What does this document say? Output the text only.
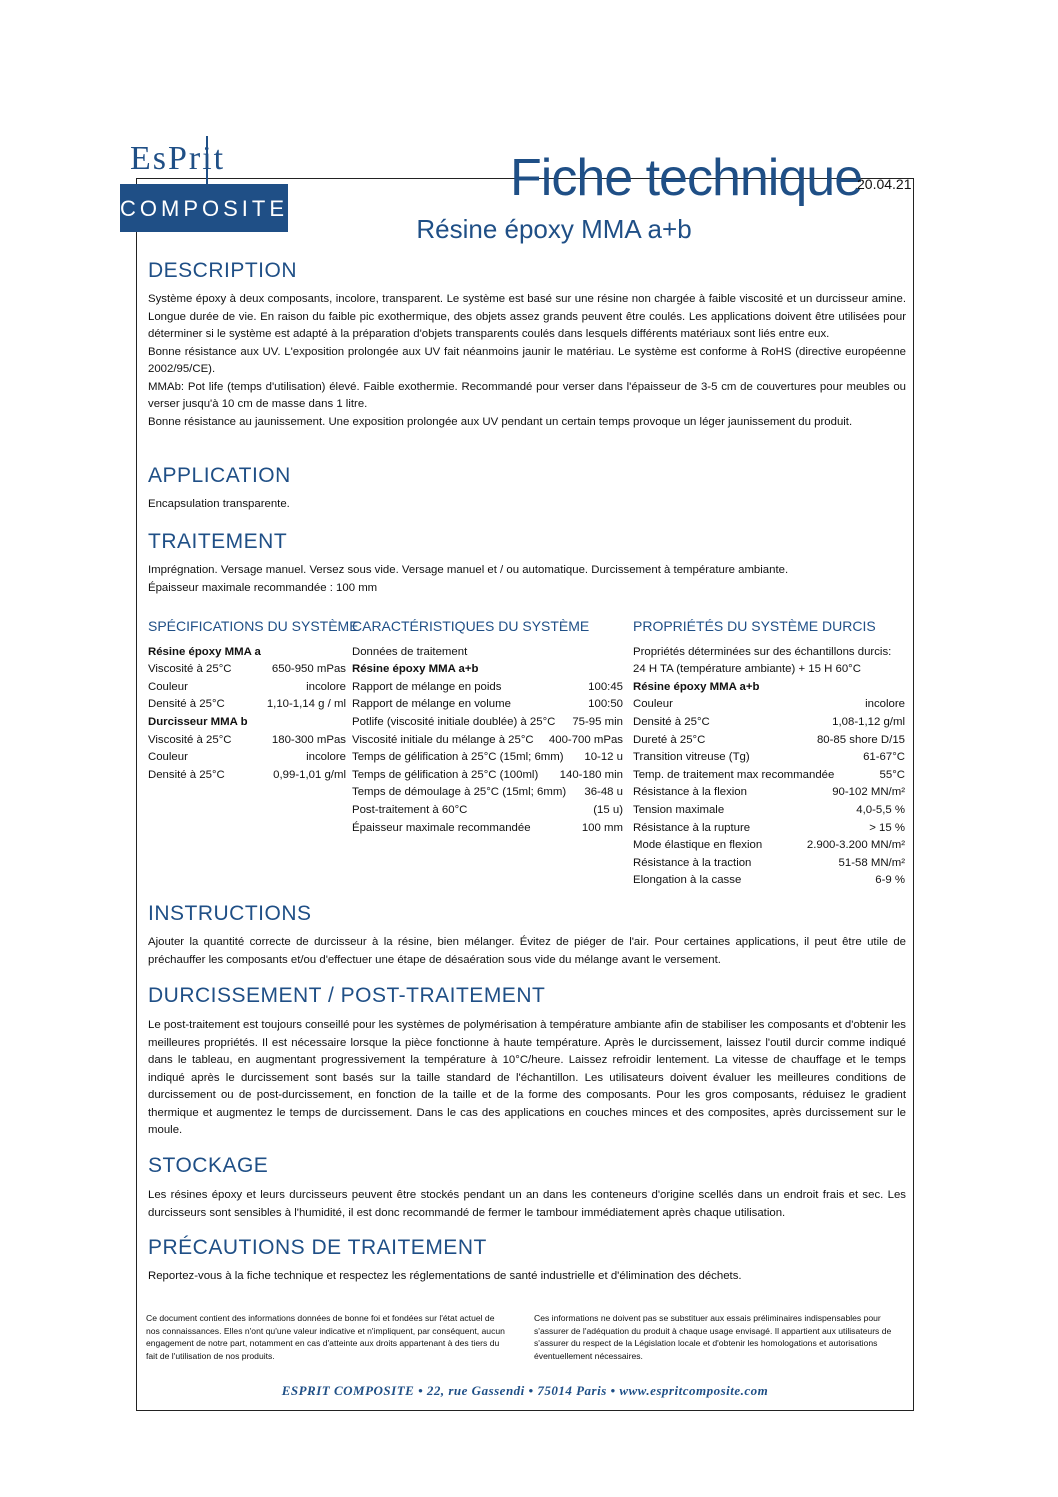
EsPrit
COMPOSITE
Fiche technique
20.04.21
Résine époxy MMA a+b
DESCRIPTION

Système époxy à deux composants, incolore, transparent. Le système est basé sur une résine non chargée à faible viscosité et un durcisseur amine. Longue durée de vie. En raison du faible pic exothermique, des objets assez grands peuvent être coulés. Les applications doivent être utilisées pour déterminer si le système est adapté à la préparation d'objets transparents coulés dans lesquels différents matériaux sont liés entre eux.

Bonne résistance aux UV. L'exposition prolongée aux UV fait néanmoins jaunir le matériau. Le système est conforme à RoHS (directive européenne 2002/95/CE).

MMAb: Pot life (temps d'utilisation) élevé. Faible exothermie. Recommandé pour verser dans l'épaisseur de 3-5 cm de couvertures pour meubles ou verser jusqu'à 10 cm de masse dans 1 litre.

Bonne résistance au jaunissement. Une exposition prolongée aux UV pendant un certain temps provoque un léger jaunissement du produit.

APPLICATION
Encapsulation transparente.
TRAITEMENT

Imprégnation. Versage manuel. Versez sous vide. Versage manuel et / ou automatique. Durcissement à température ambiante.

Épaisseur maximale recommandée : 100 mm

SPÉCIFICATIONS DU SYSTÈME
Résine époxy MMA a
Viscosité à 25°C	650-950 mPas
Couleur	incolore
Densité à 25°C	1,10-1,14 g / ml
Durcisseur MMA b
Viscosité à 25°C	180-300 mPas
Couleur	incolore
Densité à 25°C	0,99-1,01 g/ml
CARACTÉRISTIQUES DU SYSTÈME
Données de traitement
Résine époxy MMA a+b
Rapport de mélange en poids	100:45
Rapport de mélange en volume	100:50
Potlife (viscosité initiale doublée) à 25°C 75-95 min
Viscosité initiale du mélange à 25°C 400-700 mPas
Temps de gélification à 25°C (15ml; 6mm) 10-12 u
Temps de gélification à 25°C (100ml) 140-180 min
Temps de démoulage à 25°C (15ml; 6mm) 36-48 u
Post-traitement à 60°C	(15 u)
Épaisseur maximale recommandée	100 mm
PROPRIÉTÉS DU SYSTÈME DURCIS
Propriétés déterminées sur des échantillons durcis:
24 H TA (température ambiante) + 15 H 60°C
Résine époxy MMA a+b
Couleur	incolore
Densité à 25°C	1,08-1,12 g/ml
Dureté à 25°C	80-85 shore D/15
Transition vitreuse (Tg)	61-67°C
Temp. de traitement max recommandée	55°C
Résistance à la flexion	90-102 MN/m²
Tension maximale	4,0-5,5 %
Résistance à la rupture	> 15 %
Mode élastique en flexion	2.900-3.200 MN/m²
Résistance à la traction	51-58 MN/m²
Elongation à la casse	6-9 %
INSTRUCTIONS
Ajouter la quantité correcte de durcisseur à la résine, bien mélanger. Évitez de piéger de l'air. Pour certaines applications, il peut être utile de préchauffer les composants et/ou d'effectuer une étape de désaération sous vide du mélange avant le versement.
DURCISSEMENT / POST-TRAITEMENT
Le post-traitement est toujours conseillé pour les systèmes de polymérisation à température ambiante afin de stabiliser les composants et d'obtenir les meilleures propriétés. Il est nécessaire lorsque la pièce fonctionne à haute température. Après le durcissement, laissez l'outil durcir comme indiqué dans le tableau, en augmentant progressivement la température à 10°C/heure. Laissez refroidir lentement. La vitesse de chauffage et le temps indiqué après le durcissement sont basés sur la taille standard de l'échantillon. Les utilisateurs doivent évaluer les meilleures conditions de durcissement ou de post-durcissement, en fonction de la taille et de la forme des composants. Pour les gros composants, réduisez le gradient thermique et augmentez le temps de durcissement. Dans le cas des applications en couches minces et des composites, après durcissement sur le moule.
STOCKAGE
Les résines époxy et leurs durcisseurs peuvent être stockés pendant un an dans les conteneurs d'origine scellés dans un endroit frais et sec. Les durcisseurs sont sensibles à l'humidité, il est donc recommandé de fermer le tambour immédiatement après chaque utilisation.
PRÉCAUTIONS DE TRAITEMENT
Reportez-vous à la fiche technique et respectez les réglementations de santé industrielle et d'élimination des déchets.
Ce document contient des informations données de bonne foi et fondées sur l'état actuel de nos connaissances. Elles n'ont qu'une valeur indicative et n'impliquent, par conséquent, aucun engagement de notre part, notamment en cas d'atteinte aux droits appartenant à des tiers du fait de l'utilisation de nos produits.
Ces informations ne doivent pas se substituer aux essais préliminaires indispensables pour s'assurer de l'adéquation du produit à chaque usage envisagé. Il appartient aux utilisateurs de s'assurer du respect de la Législation locale et d'obtenir les homologations et autorisations éventuellement nécessaires.
ESPRIT COMPOSITE • 22, rue Gassendi • 75014 Paris • www.espritcomposite.com
